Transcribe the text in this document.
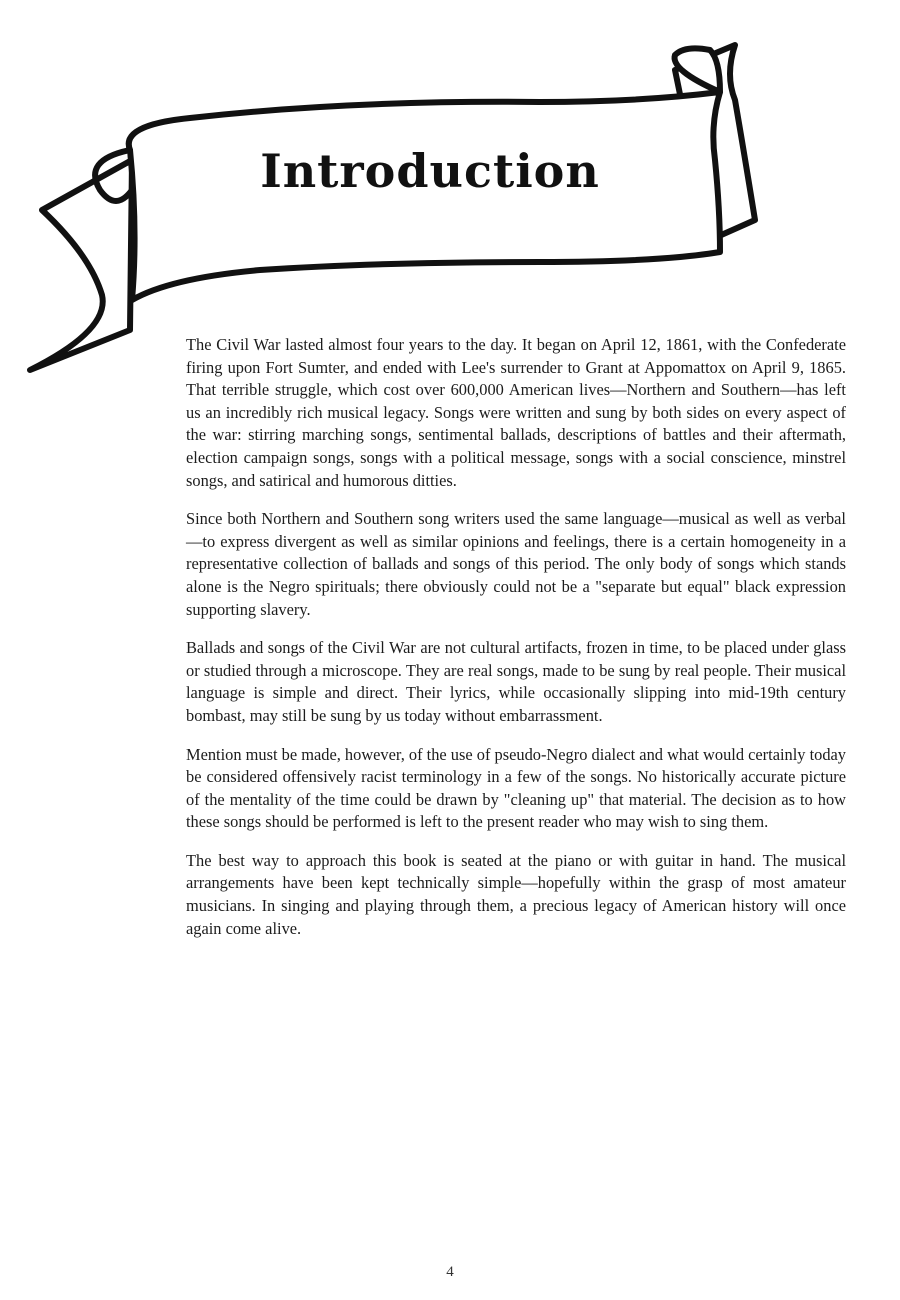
Introduction

The Civil War lasted almost four years to the day. It began on April 12, 1861, with the Confederate firing upon Fort Sumter, and ended with Lee's surrender to Grant at Appomattox on April 9, 1865. That terrible struggle, which cost over 600,000 American lives—Northern and Southern—has left us an incredibly rich musical legacy. Songs were written and sung by both sides on every aspect of the war: stirring marching songs, sentimental ballads, descriptions of battles and their aftermath, election campaign songs, songs with a political message, songs with a social conscience, minstrel songs, and satirical and humorous ditties.

Since both Northern and Southern song writers used the same language—musical as well as verbal—to express divergent as well as similar opinions and feelings, there is a certain homogeneity in a representative collection of ballads and songs of this period. The only body of songs which stands alone is the Negro spirituals; there obviously could not be a "separate but equal" black expression supporting slavery.

Ballads and songs of the Civil War are not cultural artifacts, frozen in time, to be placed under glass or studied through a microscope. They are real songs, made to be sung by real people. Their musical language is simple and direct. Their lyrics, while occasionally slipping into mid-19th century bombast, may still be sung by us today without embarrassment.

Mention must be made, however, of the use of pseudo-Negro dialect and what would certainly today be considered offensively racist terminology in a few of the songs. No historically accurate picture of the mentality of the time could be drawn by "cleaning up" that material. The decision as to how these songs should be performed is left to the present reader who may wish to sing them.

The best way to approach this book is seated at the piano or with guitar in hand. The musical arrangements have been kept technically simple—hopefully within the grasp of most amateur musicians. In singing and playing through them, a precious legacy of American history will once again come alive.

4
